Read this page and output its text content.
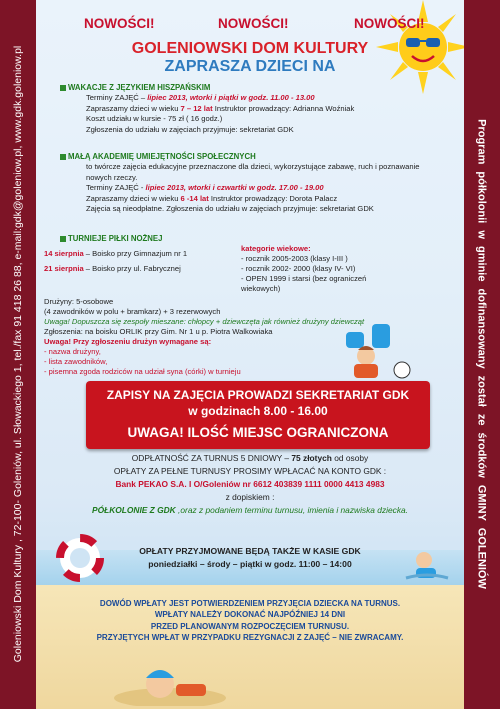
Goleniowski Dom Kultury , 72-100- Goleniów, ul. Słowackiego 1, tel./fax 91 418 26 88, e-mail:gdk@goleniow.pl, www.gdk.goleniow.pl	Program półkolonii w gminie dofinansowany został ze środków GMINY GOLENIÓW
NOWOŚCI!	NOWOŚCI!	NOWOŚCI!
GOLENIOWSKI DOM KULTURY
ZAPRASZA DZIECI NA
WAKACJE Z JĘZYKIEM HISZPAŃSKIM

Terminy ZAJĘĆ – lipiec 2013, wtorki i piątki w godz. 11.00 - 13.00

Zapraszamy dzieci w wieku 7 – 12 lat Instruktor prowadzący: Adrianna Woźniak

Koszt udziału w kursie - 75 zł ( 16 godz.)

Zgłoszenia do udziału w zajęciach przyjmuje: sekretariat GDK

MAŁĄ AKADEMIĘ UMIEJĘTNOŚCI SPOŁECZNYCH

to twórcze zajęcia edukacyjne przeznaczone dla dzieci, wykorzystujące zabawę, ruch i poznawanie nowych rzeczy.

Terminy ZAJĘĆ - lipiec 2013, wtorki i czwartki w godz. 17.00 - 19.00

Zapraszamy dzieci w wieku 6 -14 lat Instruktor prowadzący: Dorota Palacz

Zajęcia są nieodpłatne. Zgłoszenia do udziału w zajęciach przyjmuje: sekretariat GDK

TURNIEJE PIŁKI NOŻNEJ
14 sierpnia – Boisko przy Gimnazjum nr 1
21 sierpnia – Boisko przy ul. Fabrycznej
kategorie wiekowe:
- rocznik 2005-2003 (klasy I-III )
- rocznik 2002- 2000 (klasy IV- VI)
- OPEN 1999 i starsi (bez ograniczeń wiekowych)
Drużyny: 5-osobowe
(4 zawodników w polu + bramkarz) + 3 rezerwowych
Uwaga! Dopuszcza się zespoły mieszane: chłopcy + dziewczęta jak również drużyny dziewcząt
Zgłoszenia: na boisku ORLIK przy Gim. Nr 1 u p. Piotra Walkowiaka
Uwaga! Przy zgłoszeniu drużyn wymagane są:
- nazwa drużyny,
- lista zawodników,
- pisemna zgoda rodziców na udział syna (córki) w turnieju
ZAPISY NA ZAJĘCIA PROWADZI SEKRETARIAT GDK
w godzinach 8.00 - 16.00
UWAGA! ILOŚĆ MIEJSC OGRANICZONA
ODPŁATNOŚĆ ZA TURNUS 5 DNIOWY – 75 złotych od osoby
OPŁATY ZA PEŁNE TURNUSY PROSIMY WPŁACAĆ NA KONTO GDK :
Bank PEKAO S.A. I O/Goleniów nr 6612 403839 1111 0000 4413 4983
z dopiskiem :
PÓŁKOLONIE Z GDK ,oraz z podaniem terminu turnusu, imienia i nazwiska dziecka.
OPŁATY PRZYJMOWANE BĘDĄ TAKŻE W KASIE GDK
poniedziałki – środy – piątki w godz. 11:00 – 14:00
DOWÓD WPŁATY JEST POTWIERDZENIEM PRZYJĘCIA DZIECKA NA TURNUS.
WPŁATY NALEŻY DOKONAĆ NAJPÓŹNIEJ 14 DNI
PRZED PLANOWANYM ROZPOCZĘCIEM TURNUSU.
PRZYJĘTYCH WPŁAT W PRZYPADKU REZYGNACJI Z ZAJĘĆ – NIE ZWRACAMY.
